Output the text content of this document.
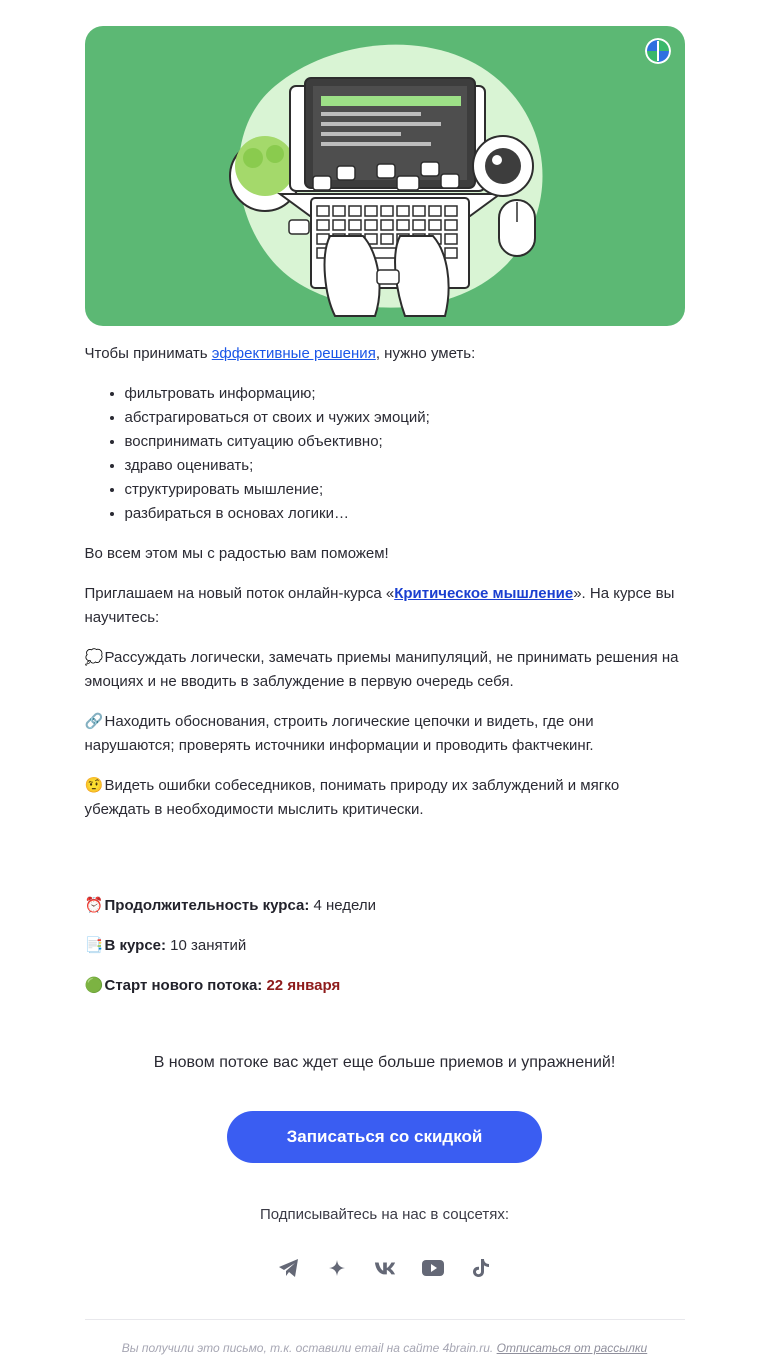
Чтобы принимать эффективные решения, нужно уметь:

• фильтровать информацию;
• абстрагироваться от своих и чужих эмоций;
• воспринимать ситуацию объективно;
• здраво оценивать;
• структурировать мышление;
• разбираться в основах логики…

Во всем этом мы с радостью вам поможем!

Приглашаем на новый поток онлайн-курса «Критическое мышление». На курсе вы научитесь:

💭Рассуждать логически, замечать приемы манипуляций, не принимать решения на эмоциях и не вводить в заблуждение в первую очередь себя.

🔗Находить обоснования, строить логические цепочки и видеть, где они нарушаются; проверять источники информации и проводить фактчекинг.

🤨Видеть ошибки собеседников, понимать природу их заблуждений и мягко убеждать в необходимости мыслить критически.

⏰Продолжительность курса: 4 недели

📑В курсе: 10 занятий

🟢Старт нового потока: 22 января

В новом потоке вас ждет еще больше приемов и упражнений!

Записаться со скидкой

Подписывайтесь на нас в соцсетях:

Вы получили это письмо, т.к. оставили email на сайте 4brain.ru. Отписаться от рассылки
